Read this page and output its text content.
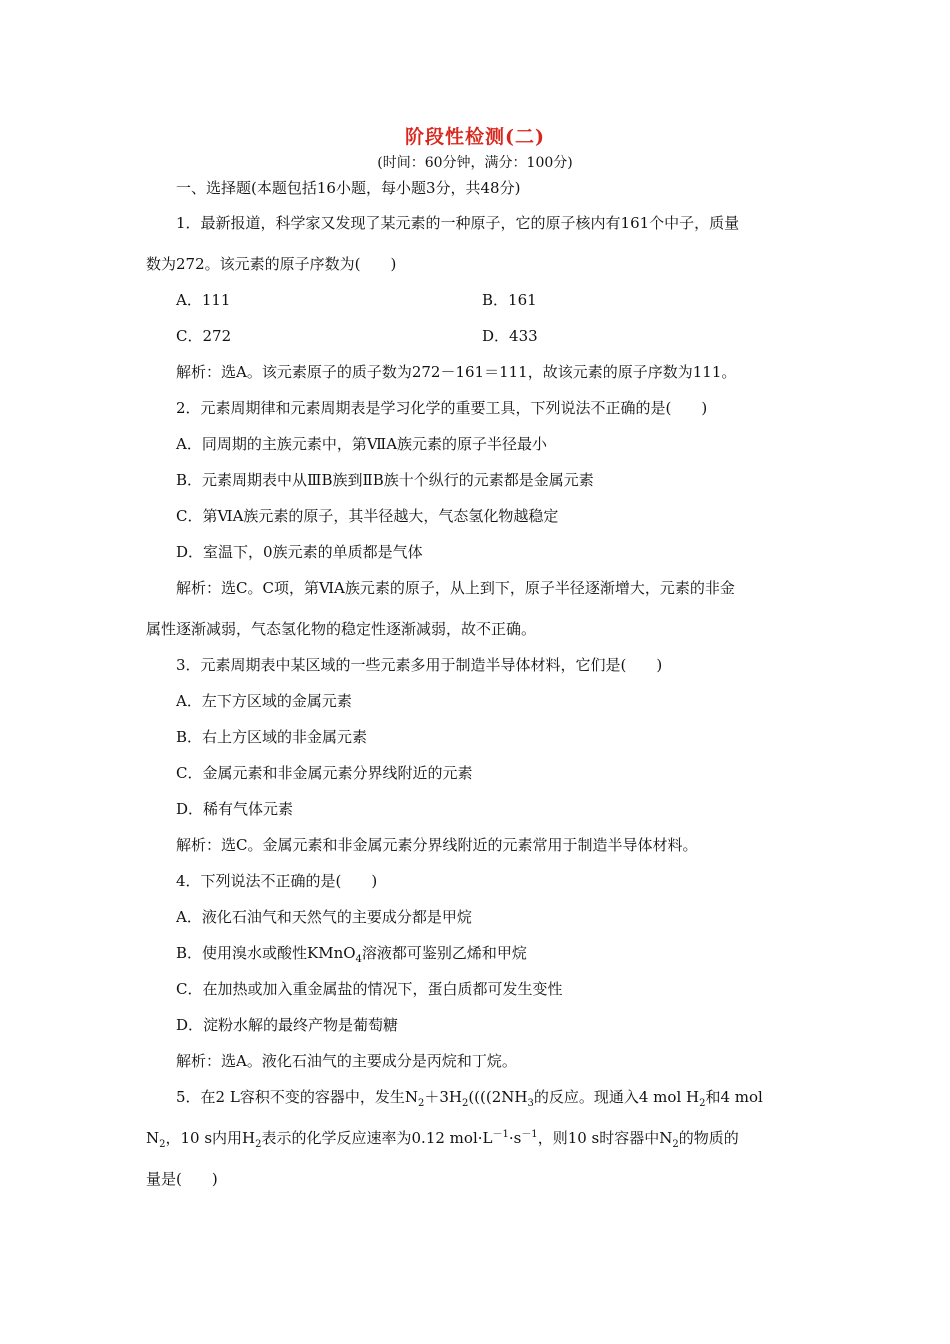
阶段性检测(二)
(时间：60分钟，满分：100分)
一、选择题(本题包括16小题，每小题3分，共48分)
1．最新报道，科学家又发现了某元素的一种原子，它的原子核内有161个中子，质量
数为272。该元素的原子序数为(　　)
A．111	B．161
C．272	D．433
解析：选A。该元素原子的质子数为272－161＝111，故该元素的原子序数为111。
2．元素周期律和元素周期表是学习化学的重要工具，下列说法不正确的是(　　)
A．同周期的主族元素中，第ⅦA族元素的原子半径最小
B．元素周期表中从ⅢB族到ⅡB族十个纵行的元素都是金属元素
C．第ⅥA族元素的原子，其半径越大，气态氢化物越稳定
D．室温下，0族元素的单质都是气体
解析：选C。C项，第ⅥA族元素的原子，从上到下，原子半径逐渐增大，元素的非金
属性逐渐减弱，气态氢化物的稳定性逐渐减弱，故不正确。
3．元素周期表中某区域的一些元素多用于制造半导体材料，它们是(　　)
A．左下方区域的金属元素
B．右上方区域的非金属元素
C．金属元素和非金属元素分界线附近的元素
D．稀有气体元素
解析：选C。金属元素和非金属元素分界线附近的元素常用于制造半导体材料。
4．下列说法不正确的是(　　)
A．液化石油气和天然气的主要成分都是甲烷
B．使用溴水或酸性KMnO$_4$溶液都可鉴别乙烯和甲烷
C．在加热或加入重金属盐的情况下，蛋白质都可发生变性
D．淀粉水解的最终产物是葡萄糖
解析：选A。液化石油气的主要成分是丙烷和丁烷。
5．在2 L容积不变的容器中，发生$N_2+3H_2((((2NH_3$的反应。现通入4 mol $H_2$和4 mol
$N_2$，10 s内用$H_2$表示的化学反应速率为0.12 $mol\cdot L^{-1}\cdot s^{-1}$，则10 s时容器中$N_2$的物质的
量是(　　)
